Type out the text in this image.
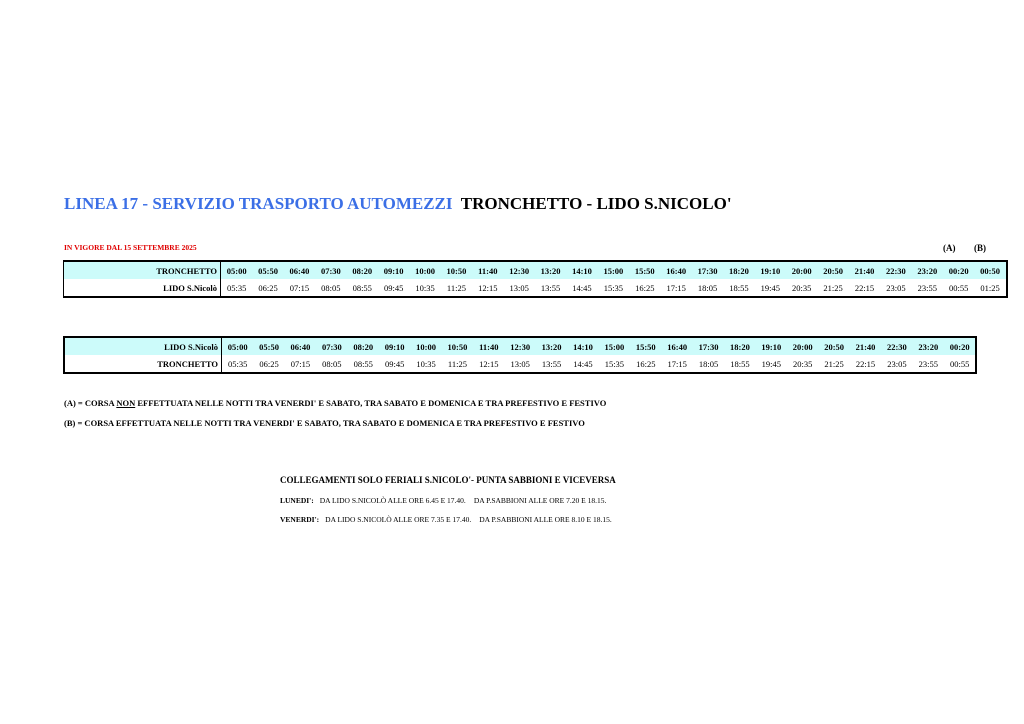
LINEA 17 - SERVIZIO TRASPORTO AUTOMEZZI TRONCHETTO - LIDO S.NICOLO'
IN VIGORE DAL 15 SETTEMBRE 2025	(A) (B)
TRONCHETTO	05:00	05:50	06:40	07:30	08:20	09:10	10:00	10:50	11:40	12:30	13:20	14:10	15:00	15:50	16:40	17:30	18:20	19:10	20:00	20:50	21:40	22:30	23:20	00:20	00:50
LIDO S.Nicolò	05:35	06:25	07:15	08:05	08:55	09:45	10:35	11:25	12:15	13:05	13:55	14:45	15:35	16:25	17:15	18:05	18:55	19:45	20:35	21:25	22:15	23:05	23:55	00:55	01:25
LIDO S.Nicolò	05:00	05:50	06:40	07:30	08:20	09:10	10:00	10:50	11:40	12:30	13:20	14:10	15:00	15:50	16:40	17:30	18:20	19:10	20:00	20:50	21:40	22:30	23:20	00:20
TRONCHETTO	05:35	06:25	07:15	08:05	08:55	09:45	10:35	11:25	12:15	13:05	13:55	14:45	15:35	16:25	17:15	18:05	18:55	19:45	20:35	21:25	22:15	23:05	23:55	00:55
(A) = CORSA NON EFFETTUATA NELLE NOTTI TRA VENERDI' E SABATO, TRA SABATO E DOMENICA E TRA PREFESTIVO E FESTIVO
(B) = CORSA EFFETTUATA NELLE NOTTI TRA VENERDI' E SABATO, TRA SABATO E DOMENICA E TRA PREFESTIVO E FESTIVO
COLLEGAMENTI SOLO FERIALI S.NICOLO'- PUNTA SABBIONI E VICEVERSA
LUNEDI': DA LIDO S.NICOLÒ ALLE ORE 6.45 E 17.40. DA P.SABBIONI ALLE ORE 7.20 E 18.15.
VENERDI': DA LIDO S.NICOLÒ ALLE ORE 7.35 E 17.40. DA P.SABBIONI ALLE ORE 8.10 E 18.15.
